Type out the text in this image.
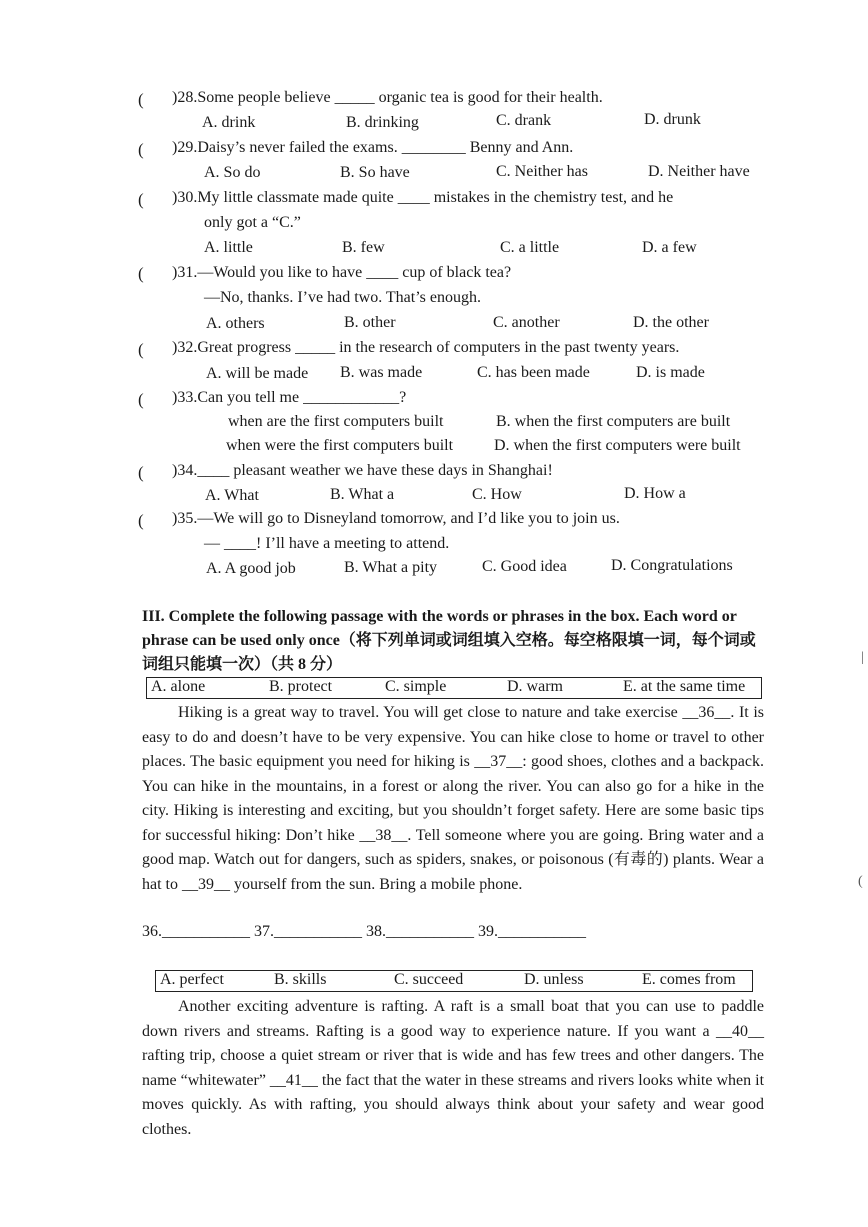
( )28.Some people believe _____ organic tea is good for their health.
A. drink	B. drinking	C. drank	D. drunk
( )29.Daisy’s never failed the exams. ________ Benny and Ann.
A. So do	B. So have	C. Neither has	D. Neither have
( )30.My little classmate made quite ____ mistakes in the chemistry test, and he
only got a “C.”
A. little	B. few	C. a little	D. a few
( )31.—Would you like to have ____ cup of black tea?
—No, thanks. I’ve had two. That’s enough.
A. others	B. other	C. another	D. the other
( )32.Great progress _____ in the research of computers in the past twenty years.
A. will be made B. was made	C. has been made	D. is made
( )33.Can you tell me ____________?
when are the first computers built	B. when the first computers are built
when were the first computers built	D. when the first computers were built
( )34.____ pleasant weather we have these days in Shanghai!
A. What	B. What a	C. How	D. How a
( )35.—We will go to Disneyland tomorrow, and I’d like you to join us.
— ____! I’ll have a meeting to attend.
A. A good job	B. What a pity	C. Good idea	D. Congratulations
III. Complete the following passage with the words or phrases in the box. Each word or phrase can be used only once（将下列单词或词组填入空格。每空格限填一词，每个词或词组只能填一次）（共 8 分）
A. alone	B. protect	C. simple	D. warm	E. at the same time

Hiking is a great way to travel. You will get close to nature and take exercise __36__. It is easy to do and doesn’t have to be very expensive. You can hike close to home or travel to other places. The basic equipment you need for hiking is __37__: good shoes, clothes and a backpack. You can hike in the mountains, in a forest or along the river. You can also go for a hike in the city. Hiking is interesting and exciting, but you shouldn’t forget safety. Here are some basic tips for successful hiking: Don’t hike __38__. Tell someone where you are going. Bring water and a good map. Watch out for dangers, such as spiders, snakes, or poisonous (有毒的) plants. Wear a hat to __39__ yourself from the sun. Bring a mobile phone.

36.___________ 37.___________ 38.___________ 39.___________
A. perfect	B. skills	C. succeed	D. unless	E. comes from

Another exciting adventure is rafting. A raft is a small boat that you can use to paddle down rivers and streams. Rafting is a good way to experience nature. If you want a __40__ rafting trip, choose a quiet stream or river that is wide and has few trees and other dangers. The name “whitewater” __41__ the fact that the water in these streams and rivers looks white when it moves quickly. As with rafting, you should always think about your safety and wear good clothes.

(
|
